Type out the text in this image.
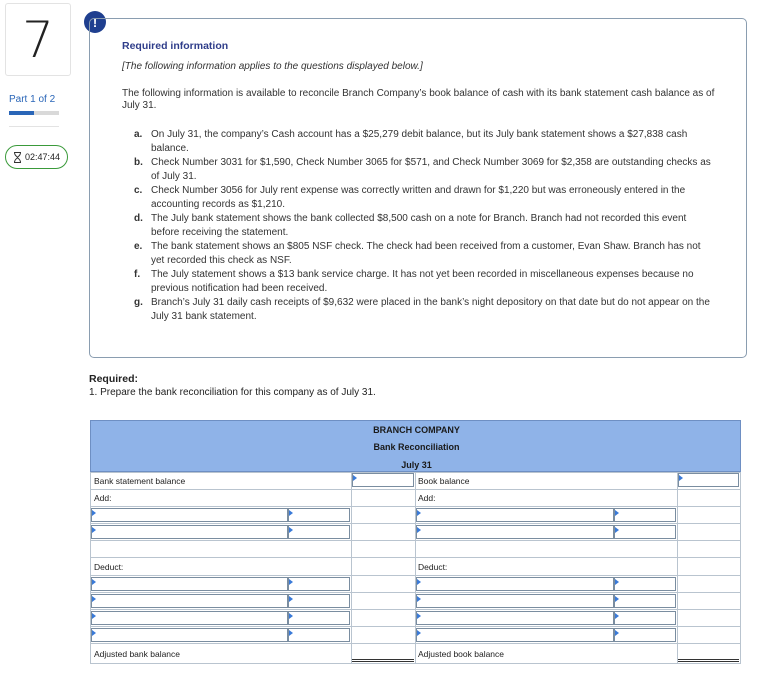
7
Part 1 of 2
02:47:44
!
Required information
[The following information applies to the questions displayed below.]
The following information is available to reconcile Branch Company’s book balance of cash with its bank statement cash balance as of July 31.
a. On July 31, the company’s Cash account has a $25,279 debit balance, but its July bank statement shows a $27,838 cash balance.
b. Check Number 3031 for $1,590, Check Number 3065 for $571, and Check Number 3069 for $2,358 are outstanding checks as of July 31.
c. Check Number 3056 for July rent expense was correctly written and drawn for $1,220 but was erroneously entered in the accounting records as $1,210.
d. The July bank statement shows the bank collected $8,500 cash on a note for Branch. Branch had not recorded this event before receiving the statement.
e. The bank statement shows an $805 NSF check. The check had been received from a customer, Evan Shaw. Branch has not yet recorded this check as NSF.
f. The July statement shows a $13 bank service charge. It has not yet been recorded in miscellaneous expenses because no previous notification had been received.
g. Branch’s July 31 daily cash receipts of $9,632 were placed in the bank’s night depository on that date but do not appear on the July 31 bank statement.
Required:
1. Prepare the bank reconciliation for this company as of July 31.
BRANCH COMPANY
Bank Reconciliation
July 31
Bank statement balance
Add:
Deduct:
Adjusted bank balance
Book balance
Add:
Deduct:
Adjusted book balance
